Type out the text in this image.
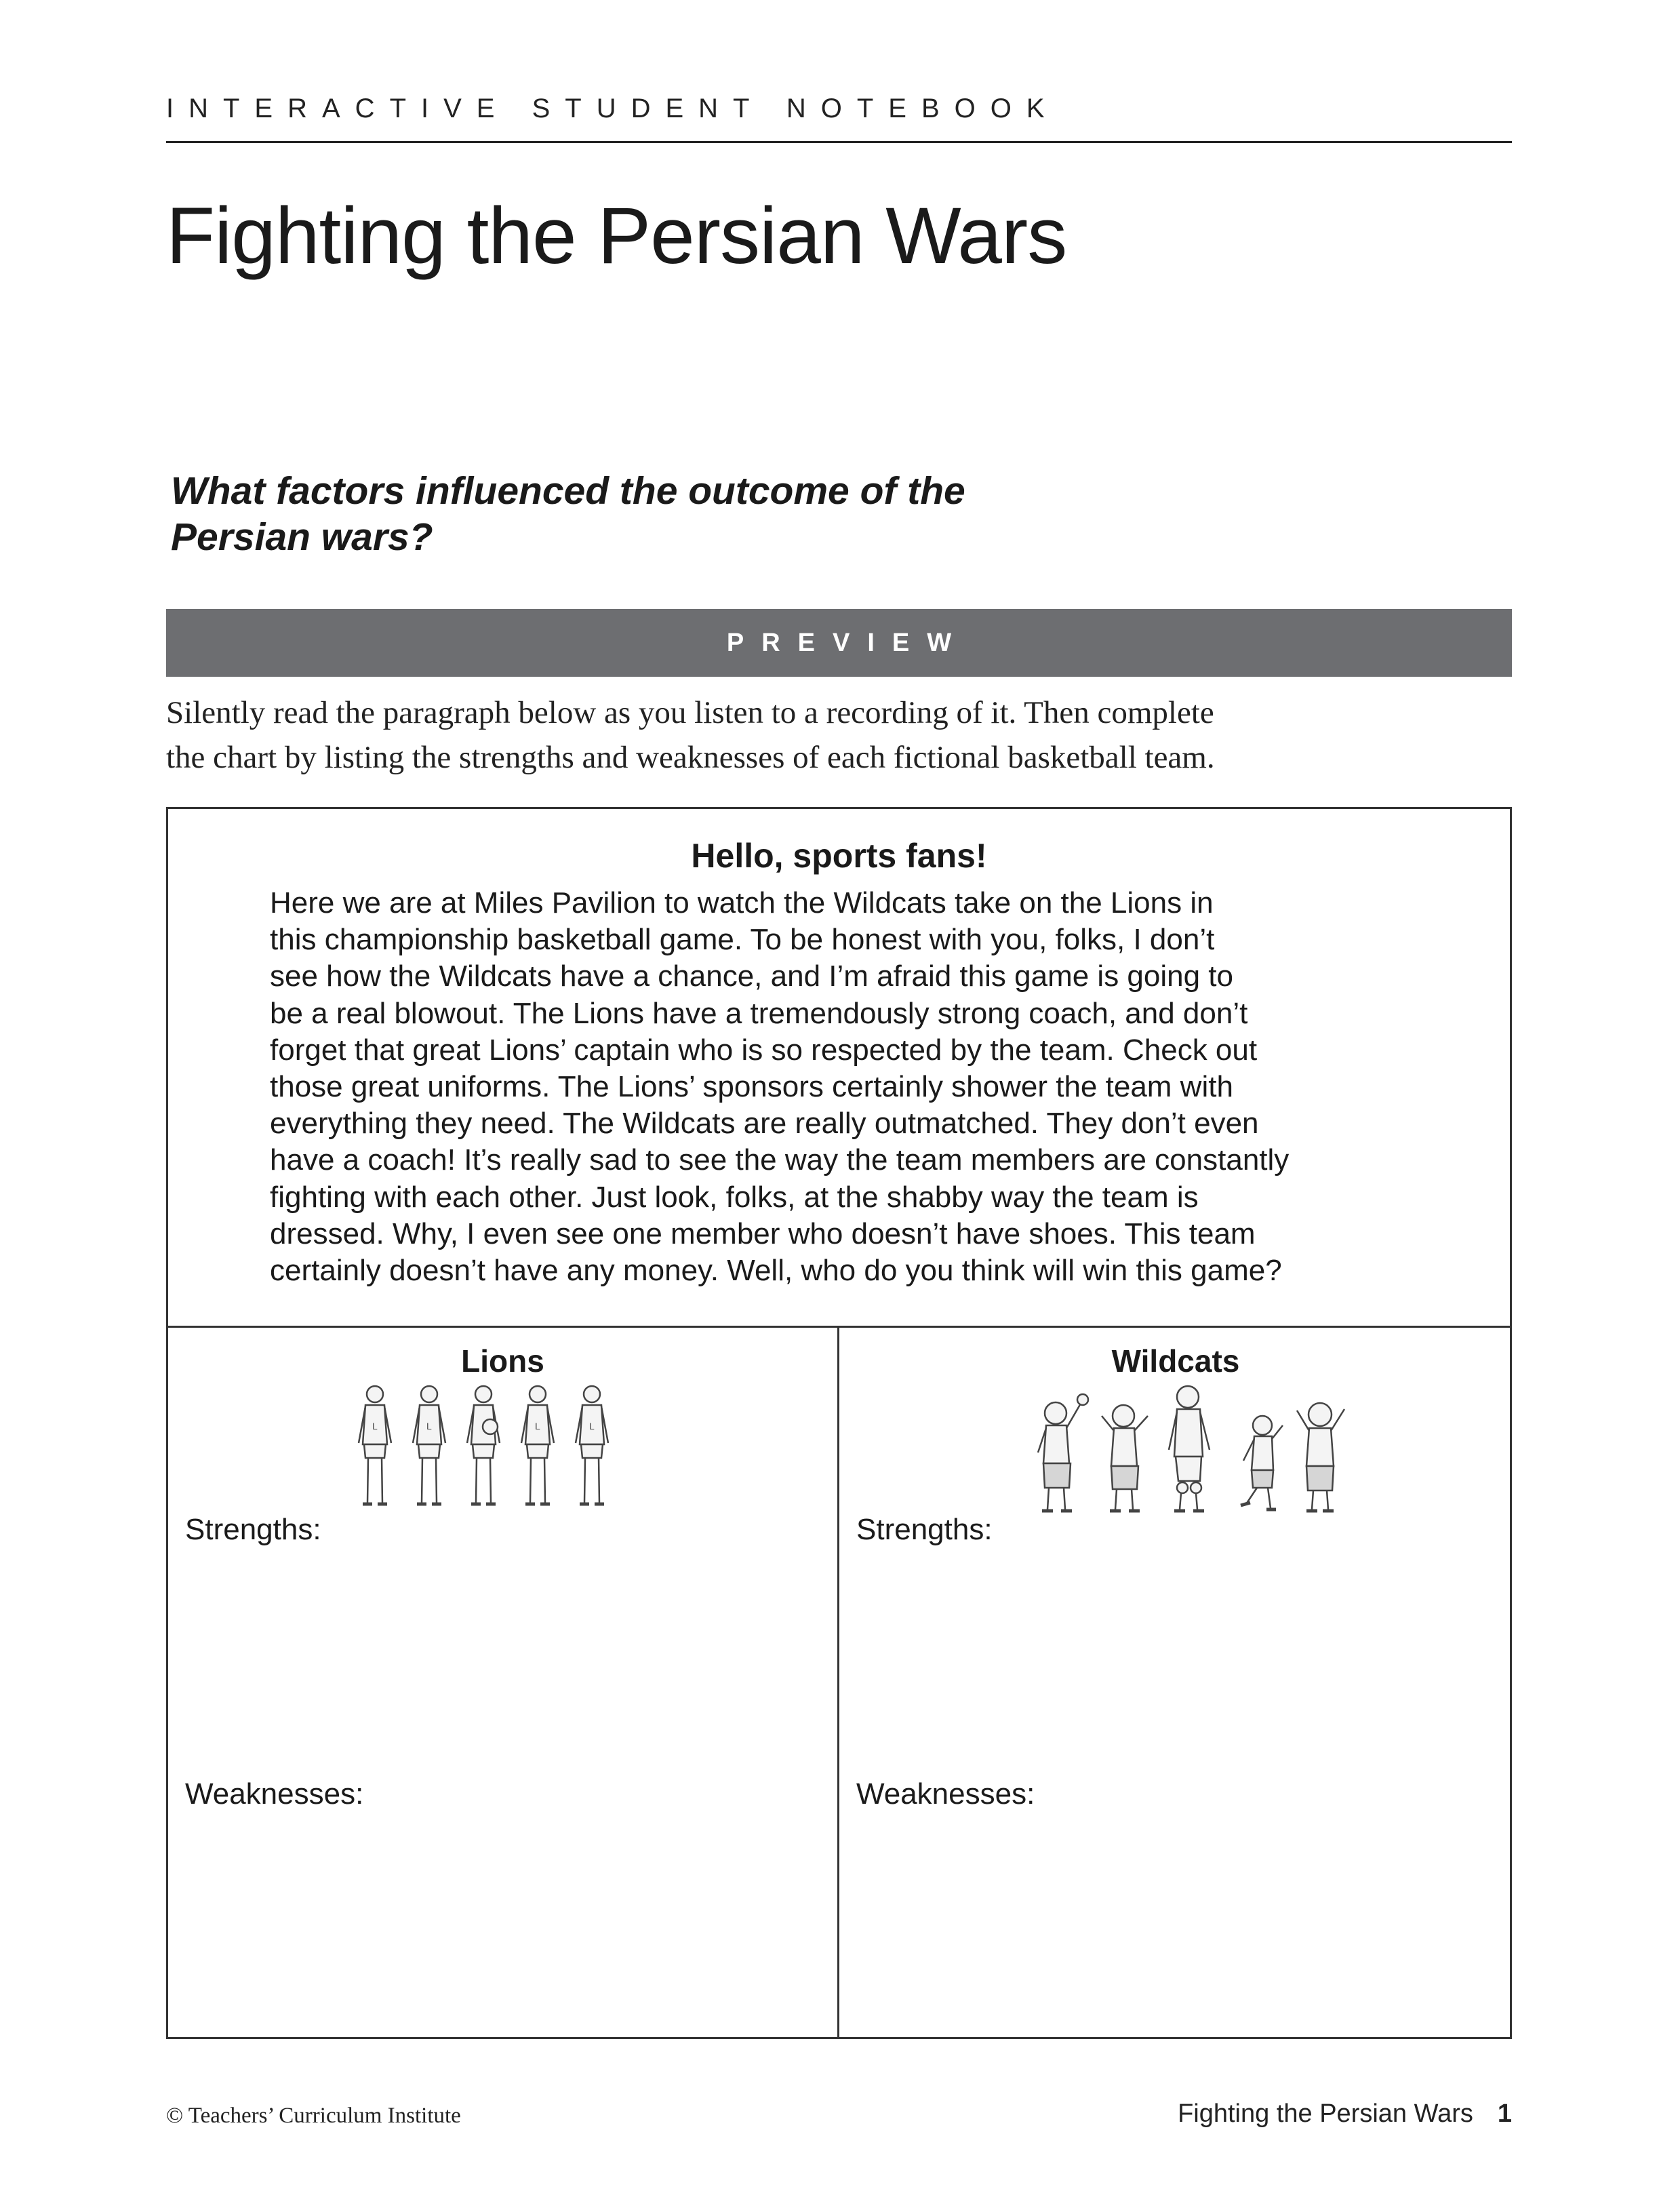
INTERACTIVE STUDENT NOTEBOOK
Fighting the Persian Wars
What factors influenced the outcome of the
Persian wars?
PREVIEW
Silently read the paragraph below as you listen to a recording of it. Then complete
the chart by listing the strengths and weaknesses of each fictional basketball team.
Hello, sports fans!
Here we are at Miles Pavilion to watch the Wildcats take on the Lions in
this championship basketball game. To be honest with you, folks, I don’t
see how the Wildcats have a chance, and I’m afraid this game is going to
be a real blowout. The Lions have a tremendously strong coach, and don’t
forget that great Lions’ captain who is so respected by the team. Check out
those great uniforms. The Lions’ sponsors certainly shower the team with
everything they need. The Wildcats are really outmatched. They don’t even
have a coach! It’s really sad to see the way the team members are constantly
fighting with each other. Just look, folks, at the shabby way the team is
dressed. Why, I even see one member who doesn’t have shoes. This team
certainly doesn’t have any money. Well, who do you think will win this game?
Lions
L	L	L	L
Strengths:
Weaknesses:
Wildcats
Strengths:
Weaknesses:
© Teachers’ Curriculum Institute	Fighting the Persian Wars 1
